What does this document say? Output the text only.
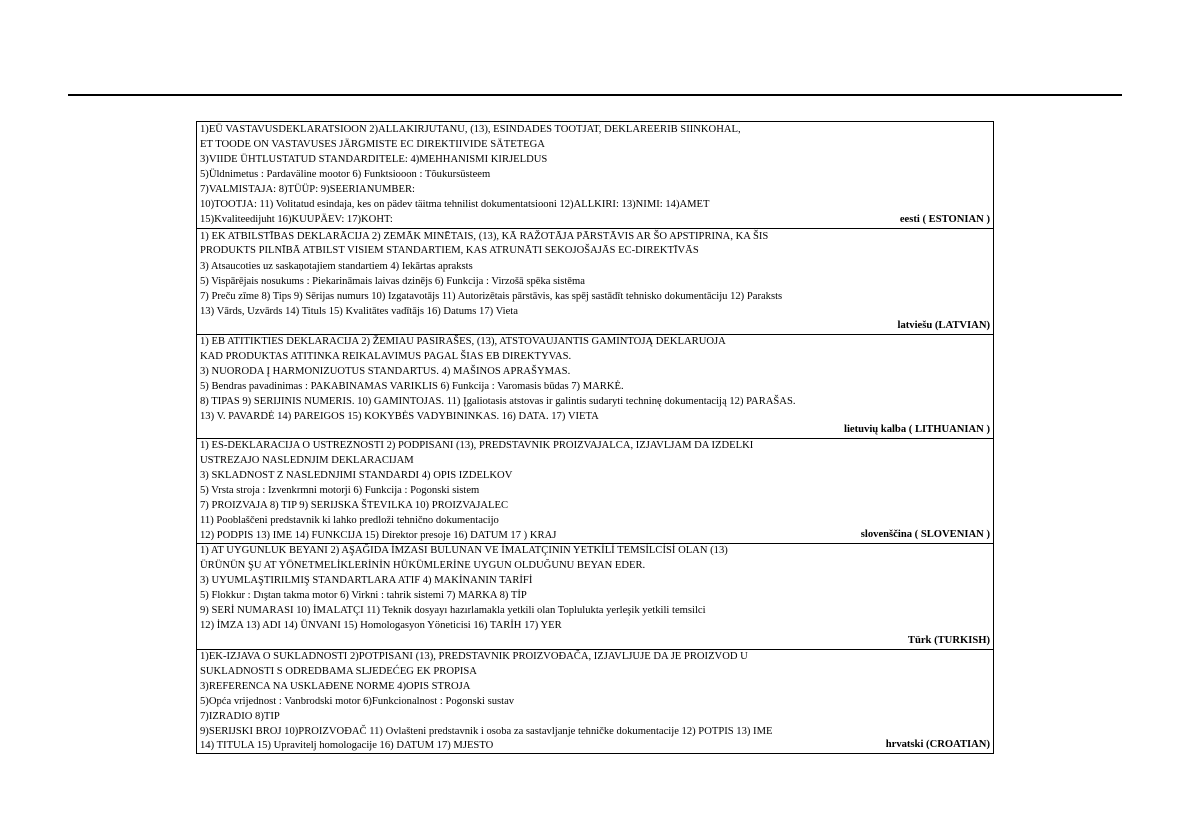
1)EÜ VASTAVUSDEKLARATSIOON 2)ALLAKIRJUTANU, (13), ESINDADES TOOTJAT, DEKLAREERIB SIINKOHAL,
ET TOODE ON VASTAVUSES JÄRGMISTE EC DIREKTIIVIDE SÄTETEGA
3)VIIDE ÜHTLUSTATUD STANDARDITELE: 4)MEHHANISMI KIRJELDUS
5)Üldnimetus : Pardaväline mootor 6) Funktsiooon : Tõukursüsteem
7)VALMISTAJA: 8)TÜÜP: 9)SEERIANUMBER:
10)TOOTJA: 11) Volitatud esindaja, kes on pädev täitma tehnilist dokumentatsiooni 12)ALLKIRI: 13)NIMI: 14)AMET
15)Kvaliteedijuht 16)KUUPÄEV: 17)KOHT:	eesti ( ESTONIAN )
1) EK ATBILSTĪBAS DEKLARĀCIJA 2) ZEMĀK MINĒTAIS, (13), KĀ RAŽOTĀJA PĀRSTĀVIS AR ŠO APSTIPRINA, KA ŠIS
PRODUKTS PILNĪBĀ ATBILST VISIEM STANDARTIEM, KAS ATRUNĀTI SEKOJOŠAJĀS EC-DIREKTĪVĀS
3) Atsaucoties uz saskaņotajiem standartiem 4) Iekārtas apraksts
5) Vispārējais nosukums : Piekarināmais laivas dzinējs 6) Funkcija : Virzošā spēka sistēma
7) Preču zīme 8) Tips 9) Sērijas numurs 10) Izgatavotājs 11) Autorizētais pārstāvis, kas spēj sastādīt tehnisko dokumentāciju 12) Paraksts
13) Vārds, Uzvārds 14) Tituls 15) Kvalitātes vadītājs 16) Datums 17) Vieta
latviešu (LATVIAN)
1) EB ATITIKTIES DEKLARACIJA 2) ŽEMIAU PASIRAŠES, (13), ATSTOVAUJANTIS GAMINTOJĄ DEKLARUOJA
KAD PRODUKTAS ATITINKA REIKALAVIMUS PAGAL ŠIAS EB DIREKTYVAS.
3) NUORODA Į HARMONIZUOTUS STANDARTUS. 4) MAŠINOS APRAŠYMAS.
5) Bendras pavadinimas : PAKABINAMAS VARIKLIS 6) Funkcija : Varomasis būdas 7) MARKĖ.
8) TIPAS 9) SERIJINIS NUMERIS. 10) GAMINTOJAS. 11) Įgaliotasis atstovas ir galintis sudaryti techninę dokumentaciją 12) PARAŠAS.
13) V. PAVARDĖ 14) PAREIGOS 15) KOKYBĖS VADYBININKAS. 16) DATA. 17) VIETA
lietuvių kalba ( LITHUANIAN )
1) ES-DEKLARACIJA O USTREZNOSTI 2) PODPISANI (13), PREDSTAVNIK PROIZVAJALCA, IZJAVLJAM DA IZDELKI
USTREZAJO NASLEDNJIM DEKLARACIJAM
3) SKLADNOST Z NASLEDNJIMI STANDARDI 4) OPIS IZDELKOV
5) Vrsta stroja : Izvenkrmni motorji 6) Funkcija : Pogonski sistem
7) PROIZVAJA 8) TIP 9) SERIJSKA ŠTEVILKA 10) PROIZVAJALEC
11) Pooblaščeni predstavnik ki lahko predloži tehnično dokumentacijo
12) PODPIS 13) IME 14) FUNKCIJA 15) Direktor presoje 16) DATUM 17 ) KRAJ	slovenščina ( SLOVENIAN )
1) AT UYGUNLUK BEYANI 2) AŞAĞIDA İMZASI BULUNAN VE İMALATÇININ YETKİLİ TEMSİLCİSİ OLAN (13)
ÜRÜNÜN ŞU AT YÖNETMELİKLERİNİN HÜKÜMLERİNE UYGUN OLDUĞUNU BEYAN EDER.
3) UYUMLAŞTIRILMIŞ STANDARTLARA ATIF 4) MAKİNANIN TARİFİ
5) Flokkur : Dıştan takma motor 6) Virkni : tahrik sistemi 7) MARKA 8) TİP
9) SERİ NUMARASI 10) İMALATÇI 11) Teknik dosyayı hazırlamakla yetkili olan Toplulukta yerleşik yetkili temsilci
12) İMZA 13) ADI 14) ÜNVANI 15) Homologasyon Yöneticisi 16) TARİH 17) YER
Türk (TURKISH)
1)EK-IZJAVA O SUKLADNOSTI 2)POTPISANI (13), PREDSTAVNIK PROIZVOĐAČA, IZJAVLJUJE DA JE PROIZVOD U
SUKLADNOSTI S ODREDBAMA SLJEDEĆEG EK PROPISA
3)REFERENCA NA USKLAĐENE NORME 4)OPIS STROJA
5)Opća vrijednost : Vanbrodski motor 6)Funkcionalnost : Pogonski sustav
7)IZRADIO 8)TIP
9)SERIJSKI BROJ 10)PROIZVOĐAČ 11) Ovlašteni predstavnik i osoba za sastavljanje tehničke dokumentacije 12) POTPIS 13) IME
14) TITULA 15) Upravitelj homologacije 16) DATUM 17) MJESTO	hrvatski (CROATIAN)
